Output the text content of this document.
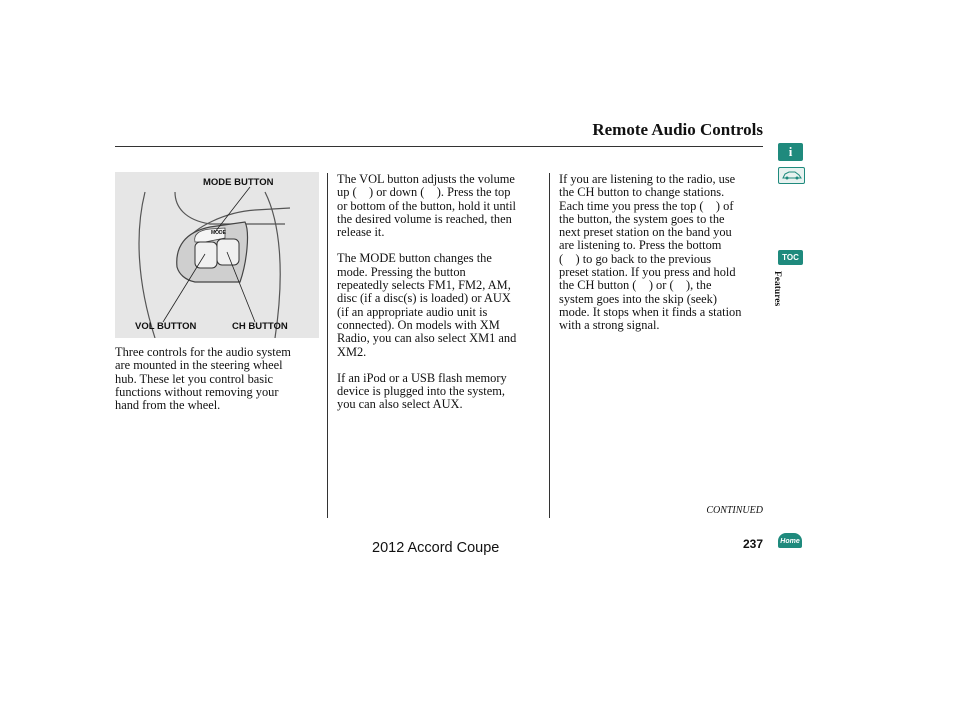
Remote Audio Controls
MODE BUTTON
VOL BUTTON	CH BUTTON
MODE
Three controls for the audio system
are mounted in the steering wheel
hub. These let you control basic
functions without removing your
hand from the wheel.
The VOL button adjusts the volume
up (    ) or down (    ). Press the top
or bottom of the button, hold it until
the desired volume is reached, then
release it.
The MODE button changes the
mode. Pressing the button
repeatedly selects FM1, FM2, AM,
disc (if a disc(s) is loaded) or AUX
(if an appropriate audio unit is
connected). On models with XM
Radio, you can also select XM1 and
XM2.
If an iPod or a USB flash memory
device is plugged into the system,
you can also select AUX.
If you are listening to the radio, use
the CH button to change stations.
Each time you press the top (    ) of
the button, the system goes to the
next preset station on the band you
are listening to. Press the bottom
(    ) to go back to the previous
preset station. If you press and hold
the CH button (    ) or (    ), the
system goes into the skip (seek)
mode. It stops when it finds a station
with a strong signal.
i
TOC
Features
Home
CONTINUED
237
2012 Accord Coupe
